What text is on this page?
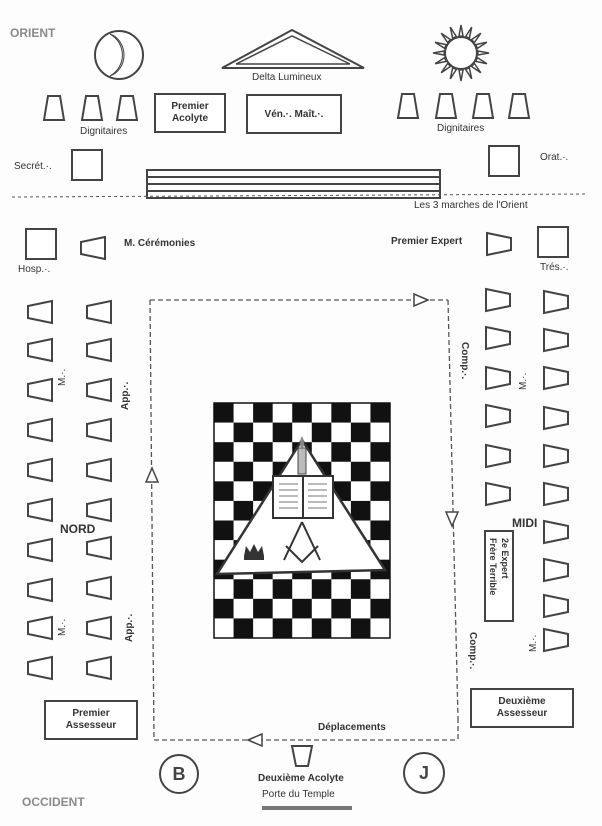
ORIENT
OCCIDENT
Delta Lumineux
Dignitaires	Dignitaires
Premier
Acolyte	Vén.·. Maît.·.
Secrét.·.
Orat.·.
Les 3 marches de l'Orient
Hosp.·.	Trés.·.
M. Cérémonies	Premier Expert
M.·.
M.·.
M.·.
M.·.
App.·.
App.·.
Comp.·.
Comp.·.
NORD	MIDI
2e Expert
Frère Terrible
Premier
Assesseur
Deuxième
Assesseur
Déplacements
B	J
Deuxième Acolyte
Porte du Temple
